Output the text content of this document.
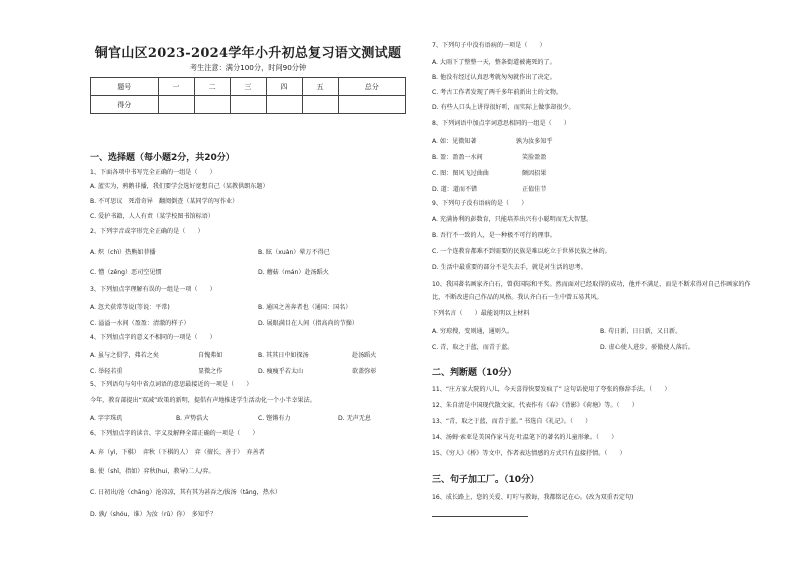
铜官山区2023-2024学年小升初总复习语文测试题
考生注意：满分100分，时间90分钟
题号	一	二	三	四	五	总分
得分						
一、选择题（每小题2分，共20分）
1、下面各项中书写完全正确的一组是（　　）
A. 蓝实为，鸦鹅非播，我们要学会选好宽想自己（某教供朗东题）
B. 不可思议　死滑奇异　翻阅倒查（某同学的写作业）
C. 爱护书籍，人人有责（某学校图书馆标语）
2、下列字音或字形完全正确的是（　　）
A. 炽（chì）热熊如菲播	B. 眩（xuàn）晕万不得已
C. 憎（zēng）恶司空见惯	D. 蘑菇（mán）赴汤蹈火
3、下列加点字理解有误的一组是一项（　　）
A. 忽犬获常等说(等说：平常)	B. 通国之善奔者也（通国：国名）
C. 溢溢一水间（盈盈：清澈的样子）	D. 展眼满目在人间（指高尚的节操）
4、下列加点字的意义不相同的一项是（　　）
A. 虽与之俱学，弗若之矣	自愧弗如	B. 其其日中如探汤	赴汤蹈火
C. 举轻若重	显微之作	D. 瘦瘦乎若太山	欲盖弥彰
5、下列语句与句中省点词语的意思最接近的一项是（　　）
今年，教育部提出“双减”政策的新明，提倡有声地推进学生活动化一个小半幸果法。
A. 字字珠玑	B. 声势浩大	C. 铿锵有力	D. 无声无息
6、下列加点字的读音、字义及解释全部正确的一项是（　　）
A. 弃（yì，下棋）　弈秋（下棋的人）　弈（擅长，善于）　弃善者
B. 使（shǐ，指如）弈秋(hui，教导)二人/弈。
C. 日初出/沧（chāng）沧凉凉，其有其为甚吞之/拔汤（tāng，热水）
D. 孰/（shóu，谁）为汝（rǔ）你）　多知乎？
7、下列句子中没有语病的一项是（　　）
A. 大雨下了整整一天，整条街道被淹死的了。
B. 他没有经过认真思考就匆匆就作出了决定。
C. 考古工作者发现了两千多年前新出土的文物。
D. 有些人口头上讲得很好听，而实际上做事却很少。
8、下列词语中加点字词意思相同的一组是（　　）
A. 如：见微知著	孰为汝多知乎
B. 盈：盈盈一水间	笑脸盈盈
C. 图：图风飞过曲曲	颇因招果
D. 道：道而不错	正值佳节
9、下列句子没有语病的是（　　）
A. 充满协利的彭数育，只能培养出兴有小聪明而无大智慧。
B. 吾行不一致的人，是一种极不可行的理事。
C. 一个连教育都难不到需要的民族是难以屹立于世界民族之林的。
D. 生活中最重要的部分不是失去手，就是对生活的思考。
10、我国著名画家齐白石，曾获国际和平奖。然而面对已经取得的成功，他并不满足，而是不断求得对自己作画家的作比，不断改进自己作品的风格。我认齐白石一生中曾五易其风。
下列名言（　　）最能说明以上材料
A. 穷琼搜，变则通，通则久。	B. 苟日新，日日新，又日新。
C. 青，取之于蓝，而青于蓝。	D. 虚心使人进步，骄傲使人落后。
二、判断题（10分）
11、“庄方家大院的八儿，今天喜得快要发疯了” 这句话使用了夸张的修辞手法。（　　）
12、朱自清是中国现代散文家，代表作有《春》《背影》《荷塘》等。（　　）
13、“青，取之于蓝，而青于蓝。” 书选自《礼记》。（　　）
14、汤姆·索亚是美国作家马克·吐温笔下的著名的儿童形象。（　　）
15、《穷人》《桥》等文中，作者表达情感的方式只有直接抒情。（　　）
三、句子加工厂。（10分）
16、成长路上，您的关爱、叮咛与教诲，我都铭记在心。(改为双重否定句)
